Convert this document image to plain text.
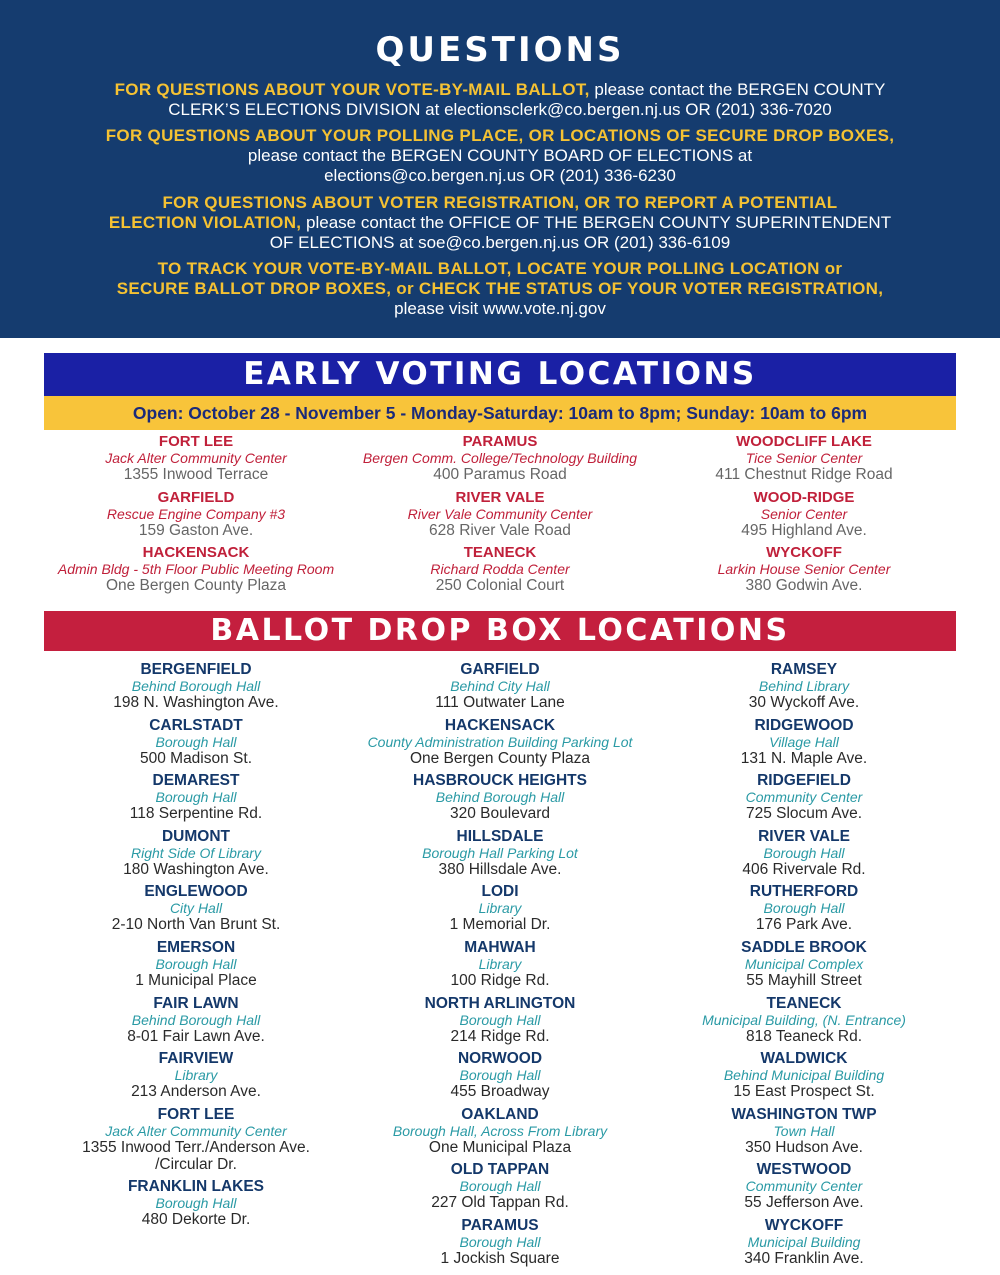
QUESTIONS
FOR QUESTIONS ABOUT YOUR VOTE-BY-MAIL BALLOT, please contact the BERGEN COUNTY
CLERK’S ELECTIONS DIVISION at electionsclerk@co.bergen.nj.us OR (201) 336-7020
FOR QUESTIONS ABOUT YOUR POLLING PLACE, OR LOCATIONS OF SECURE DROP BOXES,
please contact the BERGEN COUNTY BOARD OF ELECTIONS at
elections@co.bergen.nj.us OR (201) 336-6230
FOR QUESTIONS ABOUT VOTER REGISTRATION, OR TO REPORT A POTENTIAL
ELECTION VIOLATION, please contact the OFFICE OF THE BERGEN COUNTY SUPERINTENDENT
OF ELECTIONS at soe@co.bergen.nj.us OR (201) 336-6109
TO TRACK YOUR VOTE-BY-MAIL BALLOT, LOCATE YOUR POLLING LOCATION or
SECURE BALLOT DROP BOXES, or CHECK THE STATUS OF YOUR VOTER REGISTRATION,
please visit www.vote.nj.gov
EARLY VOTING LOCATIONS
Open: October 28 - November 5 - Monday-Saturday: 10am to 8pm; Sunday: 10am to 6pm
FORT LEE
Jack Alter Community Center
1355 Inwood Terrace
GARFIELD
Rescue Engine Company #3
159 Gaston Ave.
HACKENSACK
Admin Bldg - 5th Floor Public Meeting Room
One Bergen County Plaza
PARAMUS
Bergen Comm. College/Technology Building
400 Paramus Road
RIVER VALE
River Vale Community Center
628 River Vale Road
TEANECK
Richard Rodda Center
250 Colonial Court
WOODCLIFF LAKE
Tice Senior Center
411 Chestnut Ridge Road
WOOD-RIDGE
Senior Center
495 Highland Ave.
WYCKOFF
Larkin House Senior Center
380 Godwin Ave.
BALLOT DROP BOX LOCATIONS
BERGENFIELD
Behind Borough Hall
198 N. Washington Ave.
CARLSTADT
Borough Hall
500 Madison St.
DEMAREST
Borough Hall
118 Serpentine Rd.
DUMONT
Right Side Of Library
180 Washington Ave.
ENGLEWOOD
City Hall
2-10 North Van Brunt St.
EMERSON
Borough Hall
1 Municipal Place
FAIR LAWN
Behind Borough Hall
8-01 Fair Lawn Ave.
FAIRVIEW
Library
213 Anderson Ave.
FORT LEE
Jack Alter Community Center
1355 Inwood Terr./Anderson Ave.
/Circular Dr.
FRANKLIN LAKES
Borough Hall
480 Dekorte Dr.
GARFIELD
Behind City Hall
111 Outwater Lane
HACKENSACK
County Administration Building Parking Lot
One Bergen County Plaza
HASBROUCK HEIGHTS
Behind Borough Hall
320 Boulevard
HILLSDALE
Borough Hall Parking Lot
380 Hillsdale Ave.
LODI
Library
1 Memorial Dr.
MAHWAH
Library
100 Ridge Rd.
NORTH ARLINGTON
Borough Hall
214 Ridge Rd.
NORWOOD
Borough Hall
455 Broadway
OAKLAND
Borough Hall, Across From Library
One Municipal Plaza
OLD TAPPAN
Borough Hall
227 Old Tappan Rd.
PARAMUS
Borough Hall
1 Jockish Square
RAMSEY
Behind Library
30 Wyckoff Ave.
RIDGEWOOD
Village Hall
131 N. Maple Ave.
RIDGEFIELD
Community Center
725 Slocum Ave.
RIVER VALE
Borough Hall
406 Rivervale Rd.
RUTHERFORD
Borough Hall
176 Park Ave.
SADDLE BROOK
Municipal Complex
55 Mayhill Street
TEANECK
Municipal Building, (N. Entrance)
818 Teaneck Rd.
WALDWICK
Behind Municipal Building
15 East Prospect St.
WASHINGTON TWP
Town Hall
350 Hudson Ave.
WESTWOOD
Community Center
55 Jefferson Ave.
WYCKOFF
Municipal Building
340 Franklin Ave.
